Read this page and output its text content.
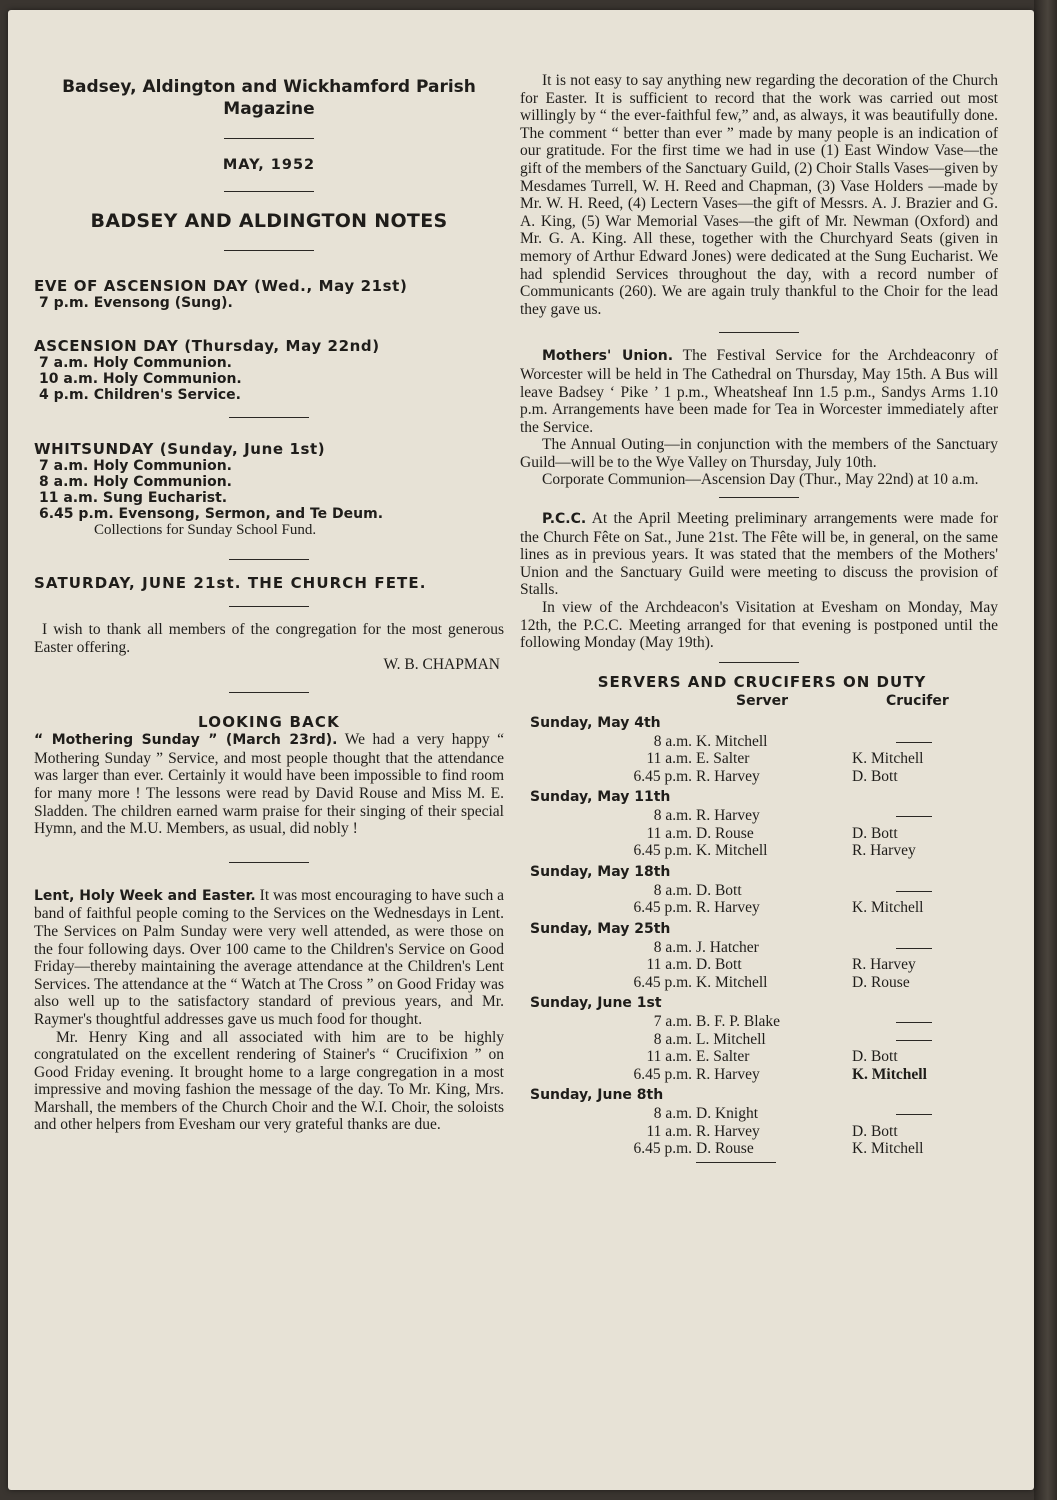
Badsey, Aldington and Wickhamford Parish
Magazine
MAY, 1952
BADSEY AND ALDINGTON NOTES
EVE OF ASCENSION DAY (Wed., May 21st)
7 p.m. Evensong (Sung).
ASCENSION DAY (Thursday, May 22nd)
7 a.m. Holy Communion.
10 a.m. Holy Communion.
4 p.m. Children's Service.
WHITSUNDAY (Sunday, June 1st)
7 a.m. Holy Communion.
8 a.m. Holy Communion.
11 a.m. Sung Eucharist.
6.45 p.m. Evensong, Sermon, and Te Deum.
Collections for Sunday School Fund.
SATURDAY, JUNE 21st. THE CHURCH FETE.

I wish to thank all members of the congregation for the most generous Easter offering.

W. B. CHAPMAN
LOOKING BACK

“ Mothering Sunday ” (March 23rd). We had a very happy “ Mothering Sunday ” Service, and most people thought that the attendance was larger than ever. Certainly it would have been impossible to find room for many more ! The lessons were read by David Rouse and Miss M. E. Sladden. The children earned warm praise for their singing of their special Hymn, and the M.U. Members, as usual, did nobly !

Lent, Holy Week and Easter. It was most encouraging to have such a band of faithful people coming to the Services on the Wednesdays in Lent. The Services on Palm Sunday were very well attended, as were those on the four following days. Over 100 came to the Children's Service on Good Friday—thereby maintaining the average attendance at the Children's Lent Services. The attendance at the “ Watch at The Cross ” on Good Friday was also well up to the satisfactory standard of previous years, and Mr. Raymer's thoughtful addresses gave us much food for thought.

Mr. Henry King and all associated with him are to be highly congratulated on the excellent rendering of Stainer's “ Crucifixion ” on Good Friday evening. It brought home to a large congregation in a most impressive and moving fashion the message of the day. To Mr. King, Mrs. Marshall, the members of the Church Choir and the W.I. Choir, the soloists and other helpers from Evesham our very grateful thanks are due.

It is not easy to say anything new regarding the decoration of the Church for Easter. It is sufficient to record that the work was carried out most willingly by “ the ever-faithful few,” and, as always, it was beautifully done. The comment “ better than ever ” made by many people is an indication of our gratitude. For the first time we had in use (1) East Window Vase—the gift of the members of the Sanctuary Guild, (2) Choir Stalls Vases—given by Mesdames Turrell, W. H. Reed and Chapman, (3) Vase Holders —made by Mr. W. H. Reed, (4) Lectern Vases—the gift of Messrs. A. J. Brazier and G. A. King, (5) War Memorial Vases—the gift of Mr. Newman (Oxford) and Mr. G. A. King. All these, together with the Churchyard Seats (given in memory of Arthur Edward Jones) were dedicated at the Sung Eucharist. We had splendid Services throughout the day, with a record number of Communicants (260). We are again truly thankful to the Choir for the lead they gave us.

Mothers' Union. The Festival Service for the Archdeaconry of Worcester will be held in The Cathedral on Thursday, May 15th. A Bus will leave Badsey ‘ Pike ’ 1 p.m., Wheatsheaf Inn 1.5 p.m., Sandys Arms 1.10 p.m. Arrangements have been made for Tea in Worcester immediately after the Service.

The Annual Outing—in conjunction with the members of the Sanctuary Guild—will be to the Wye Valley on Thursday, July 10th.

Corporate Communion—Ascension Day (Thur., May 22nd) at 10 a.m.

P.C.C. At the April Meeting preliminary arrangements were made for the Church Fête on Sat., June 21st. The Fête will be, in general, on the same lines as in previous years. It was stated that the members of the Mothers' Union and the Sanctuary Guild were meeting to discuss the provision of Stalls.

In view of the Archdeacon's Visitation at Evesham on Monday, May 12th, the P.C.C. Meeting arranged for that evening is postponed until the following Monday (May 19th).

SERVERS AND CRUCIFERS ON DUTY
Server	Crucifer
Sunday, May 4th
8 a.m. K. Mitchell
11 a.m. E. Salter	K. Mitchell
6.45 p.m. R. Harvey	D. Bott
Sunday, May 11th
8 a.m. R. Harvey
11 a.m. D. Rouse	D. Bott
6.45 p.m. K. Mitchell	R. Harvey
Sunday, May 18th
8 a.m. D. Bott
6.45 p.m. R. Harvey	K. Mitchell
Sunday, May 25th
8 a.m. J. Hatcher
11 a.m. D. Bott	R. Harvey
6.45 p.m. K. Mitchell	D. Rouse
Sunday, June 1st
7 a.m. B. F. P. Blake
8 a.m. L. Mitchell
11 a.m. E. Salter	D. Bott
6.45 p.m. R. Harvey	K. Mitchell
Sunday, June 8th
8 a.m. D. Knight
11 a.m. R. Harvey	D. Bott
6.45 p.m. D. Rouse	K. Mitchell
